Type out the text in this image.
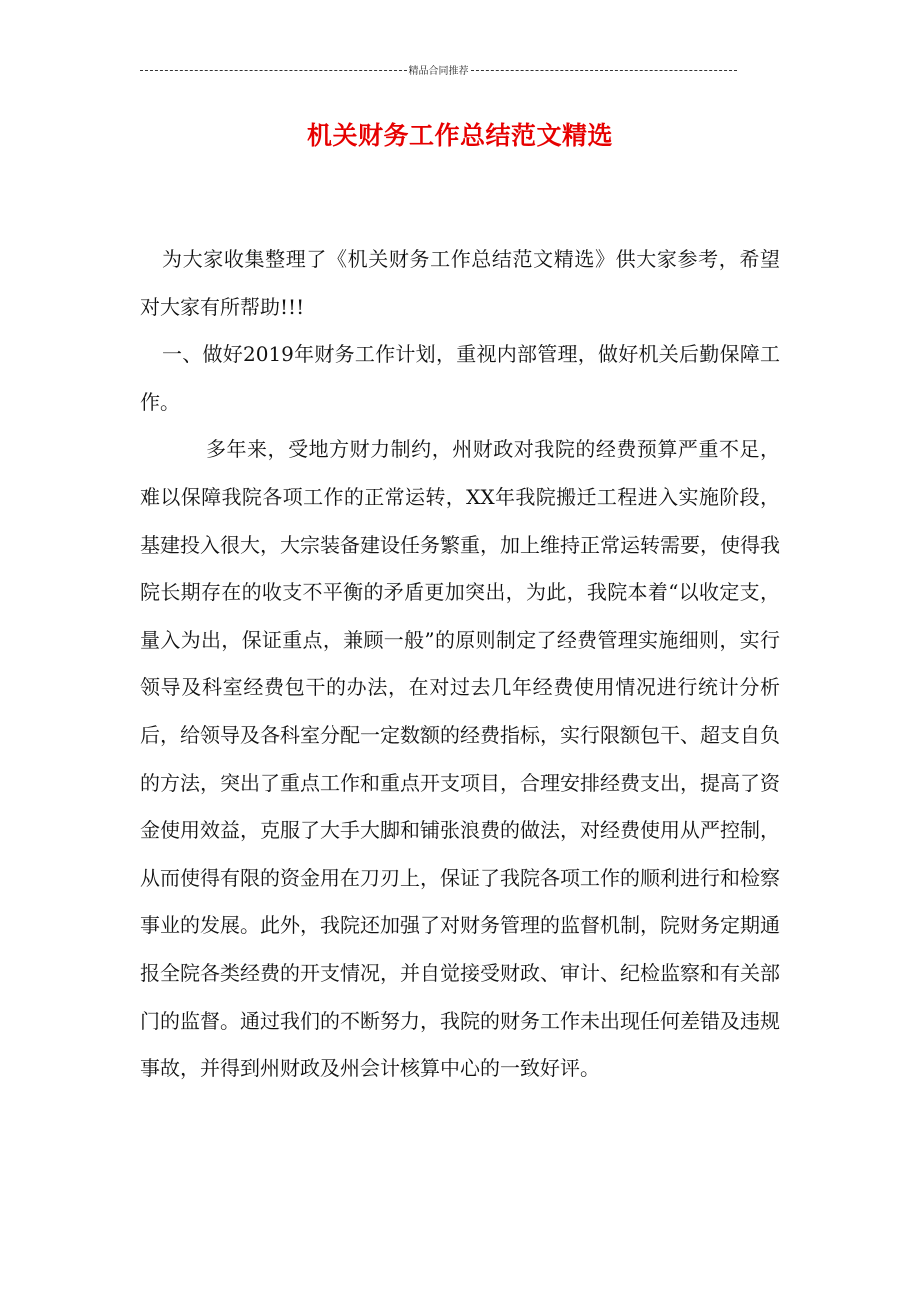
精品合同推荐
机关财务工作总结范文精选

为大家收集整理了《机关财务工作总结范文精选》供大家参考，希望对大家有所帮助!!!

一、做好2019年财务工作计划，重视内部管理，做好机关后勤保障工作。

多年来，受地方财力制约，州财政对我院的经费预算严重不足，难以保障我院各项工作的正常运转，XX年我院搬迁工程进入实施阶段，基建投入很大，大宗装备建设任务繁重，加上维持正常运转需要，使得我院长期存在的收支不平衡的矛盾更加突出，为此，我院本着“以收定支，量入为出，保证重点，兼顾一般”的原则制定了经费管理实施细则，实行领导及科室经费包干的办法，在对过去几年经费使用情况进行统计分析后，给领导及各科室分配一定数额的经费指标，实行限额包干、超支自负的方法，突出了重点工作和重点开支项目，合理安排经费支出，提高了资金使用效益，克服了大手大脚和铺张浪费的做法，对经费使用从严控制，从而使得有限的资金用在刀刃上，保证了我院各项工作的顺利进行和检察事业的发展。此外，我院还加强了对财务管理的监督机制，院财务定期通报全院各类经费的开支情况，并自觉接受财政、审计、纪检监察和有关部门的监督。通过我们的不断努力，我院的财务工作未出现任何差错及违规事故，并得到州财政及州会计核算中心的一致好评。
